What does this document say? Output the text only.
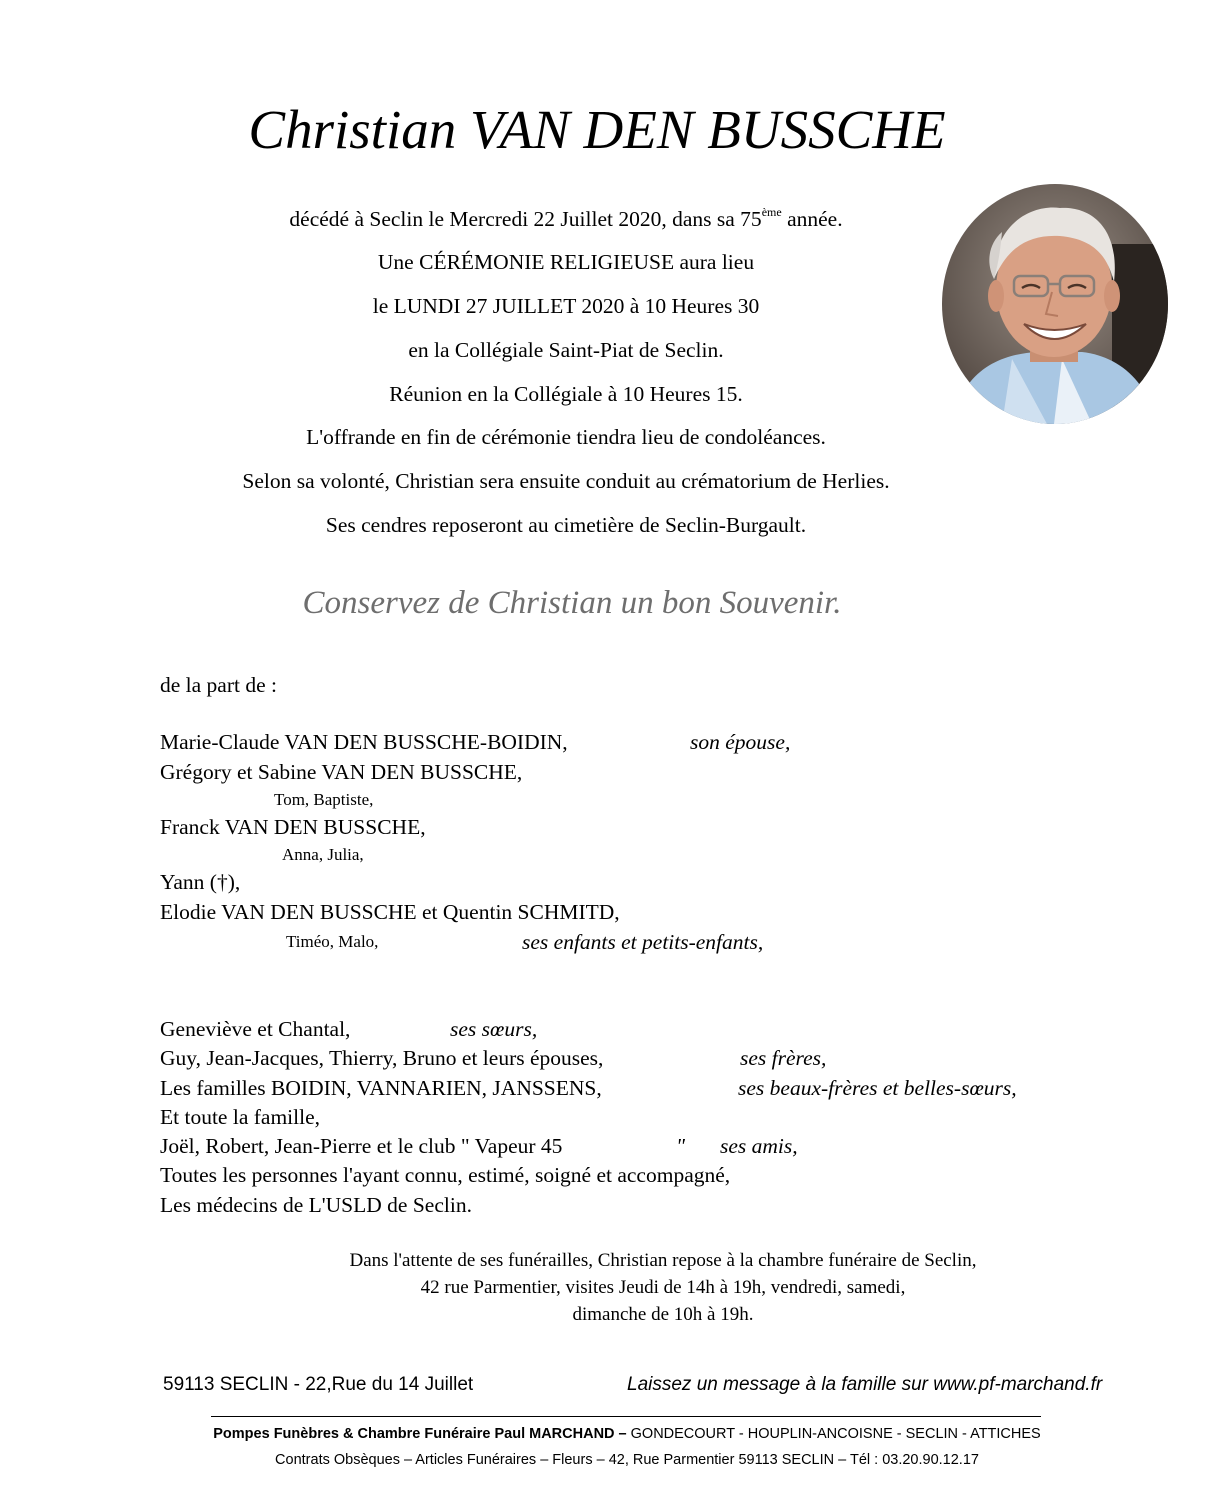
Christian VAN DEN BUSSCHE
décédé à Seclin le Mercredi 22 Juillet 2020, dans sa 75ème année.
Une CÉRÉMONIE RELIGIEUSE aura lieu
le LUNDI 27 JUILLET 2020 à 10 Heures 30
en la Collégiale Saint-Piat de Seclin.
Réunion en la Collégiale à 10 Heures 15.
L'offrande en fin de cérémonie tiendra lieu de condoléances.
Selon sa volonté, Christian sera ensuite conduit au crématorium de Herlies.
Ses cendres reposeront au cimetière de Seclin-Burgault.
Conservez de Christian un bon Souvenir.
de la part de :
Marie-Claude VAN DEN BUSSCHE-BOIDIN,	son épouse,
Grégory et Sabine VAN DEN BUSSCHE,
Tom, Baptiste,
Franck VAN DEN BUSSCHE,
Anna, Julia,
Yann (†),
Elodie VAN DEN BUSSCHE et Quentin SCHMITD,
Timéo, Malo,	ses enfants et petits-enfants,
Geneviève et Chantal,	ses sœurs,
Guy, Jean-Jacques, Thierry, Bruno et leurs épouses,	ses frères,
Les familles BOIDIN, VANNARIEN, JANSSENS,	ses beaux-frères et belles-sœurs,
Et toute la famille,
Joël, Robert, Jean-Pierre et le club " Vapeur 45	" ses amis,
Toutes les personnes l'ayant connu, estimé, soigné et accompagné,
Les médecins de L'USLD de Seclin.
Dans l'attente de ses funérailles, Christian repose à la chambre funéraire de Seclin,
42 rue Parmentier, visites Jeudi de 14h à 19h, vendredi, samedi,
dimanche de 10h à 19h.
59113 SECLIN - 22,Rue du 14 Juillet	Laissez un message à la famille sur www.pf-marchand.fr
Pompes Funèbres & Chambre Funéraire Paul MARCHAND – GONDECOURT - HOUPLIN-ANCOISNE - SECLIN - ATTICHES
Contrats Obsèques – Articles Funéraires – Fleurs – 42, Rue Parmentier 59113 SECLIN – Tél : 03.20.90.12.17
